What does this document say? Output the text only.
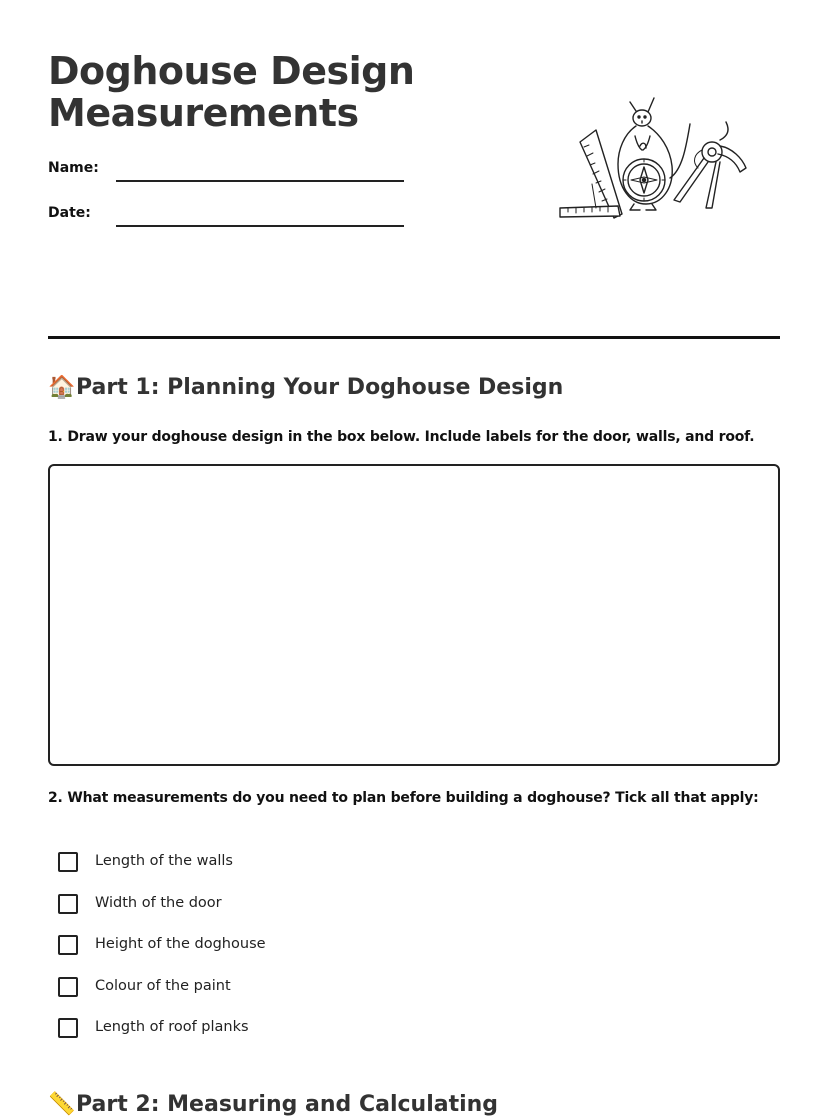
Doghouse Design
Measurements
Name:
Date:
🏠Part 1: Planning Your Doghouse Design

1. Draw your doghouse design in the box below. Include labels for the door, walls, and roof.

2. What measurements do you need to plan before building a doghouse? Tick all that apply:

Length of the walls
Width of the door
Height of the doghouse
Colour of the paint
Length of roof planks
📏Part 2: Measuring and Calculating
